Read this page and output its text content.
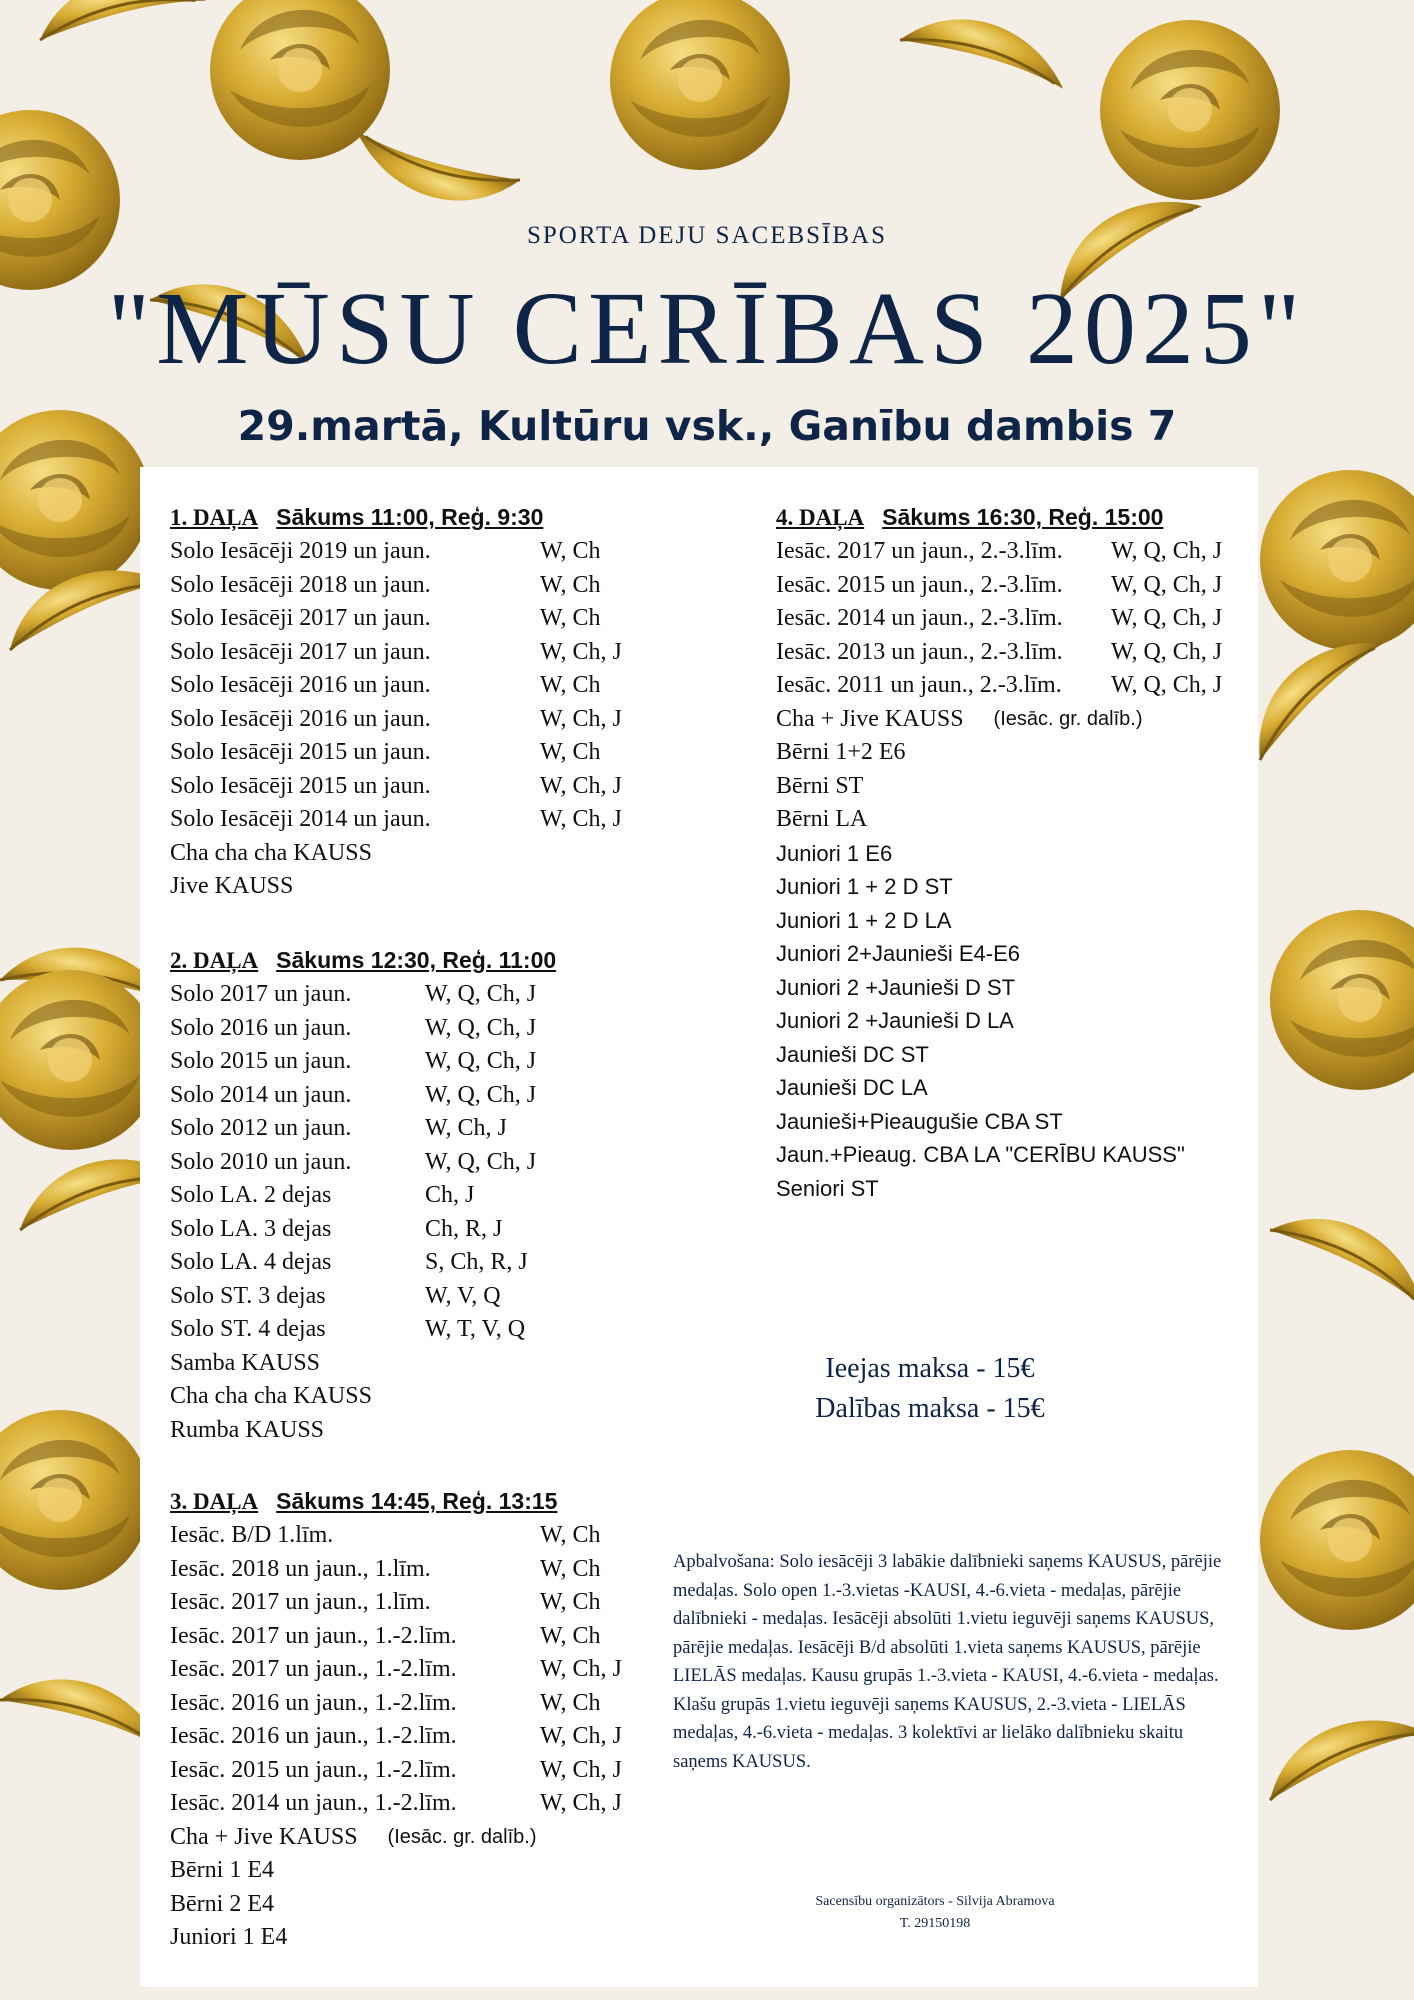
SPORTA DEJU SACEBSĪBAS
"MŪSU CERĪBAS 2025"
29.martā, Kultūru vsk., Ganību dambis 7
1. DAĻA Sākums 11:00, Reģ. 9:30
Solo Iesācēji 2019 un jaun.	W, Ch
Solo Iesācēji 2018 un jaun.	W, Ch
Solo Iesācēji 2017 un jaun.	W, Ch
Solo Iesācēji 2017 un jaun.	W, Ch, J
Solo Iesācēji 2016 un jaun.	W, Ch
Solo Iesācēji 2016 un jaun.	W, Ch, J
Solo Iesācēji 2015 un jaun.	W, Ch
Solo Iesācēji 2015 un jaun.	W, Ch, J
Solo Iesācēji 2014 un jaun.	W, Ch, J
Cha cha cha KAUSS
Jive KAUSS
2. DAĻA Sākums 12:30, Reģ. 11:00
Solo 2017 un jaun.	W, Q, Ch, J
Solo 2016 un jaun.	W, Q, Ch, J
Solo 2015 un jaun.	W, Q, Ch, J
Solo 2014 un jaun.	W, Q, Ch, J
Solo 2012 un jaun.	W, Ch, J
Solo 2010 un jaun.	W, Q, Ch, J
Solo LA. 2 dejas	Ch, J
Solo LA. 3 dejas	Ch, R, J
Solo LA. 4 dejas	S, Ch, R, J
Solo ST. 3 dejas	W, V, Q
Solo ST. 4 dejas	W, T, V, Q
Samba KAUSS
Cha cha cha KAUSS
Rumba KAUSS
3. DAĻA Sākums 14:45, Reģ. 13:15
Iesāc. B/D 1.līm.	W, Ch
Iesāc. 2018 un jaun., 1.līm.	W, Ch
Iesāc. 2017 un jaun., 1.līm.	W, Ch
Iesāc. 2017 un jaun., 1.-2.līm.	W, Ch
Iesāc. 2017 un jaun., 1.-2.līm.	W, Ch, J
Iesāc. 2016 un jaun., 1.-2.līm.	W, Ch
Iesāc. 2016 un jaun., 1.-2.līm.	W, Ch, J
Iesāc. 2015 un jaun., 1.-2.līm.	W, Ch, J
Iesāc. 2014 un jaun., 1.-2.līm.	W, Ch, J
Cha + Jive KAUSS (Iesāc. gr. dalīb.)
Bērni 1 E4
Bērni 2 E4
Juniori 1 E4
4. DAĻA Sākums 16:30, Reģ. 15:00
Iesāc. 2017 un jaun., 2.-3.līm.	W, Q, Ch, J
Iesāc. 2015 un jaun., 2.-3.līm.	W, Q, Ch, J
Iesāc. 2014 un jaun., 2.-3.līm.	W, Q, Ch, J
Iesāc. 2013 un jaun., 2.-3.līm.	W, Q, Ch, J
Iesāc. 2011 un jaun., 2.-3.līm.	W, Q, Ch, J
Cha + Jive KAUSS (Iesāc. gr. dalīb.)
Bērni 1+2 E6
Bērni ST
Bērni LA
Juniori 1 E6
Juniori 1 + 2 D ST
Juniori 1 + 2 D LA
Juniori 2+Jaunieši E4-E6
Juniori 2 +Jaunieši D ST
Juniori 2 +Jaunieši D LA
Jaunieši DC ST
Jaunieši DC LA
Jaunieši+Pieaugušie CBA ST
Jaun.+Pieaug. CBA LA "CERĪBU KAUSS"
Seniori ST
Ieejas maksa - 15€
Dalības maksa - 15€
Apbalvošana: Solo iesācēji 3 labākie dalībnieki saņems KAUSUS, pārējie medaļas. Solo open 1.-3.vietas -KAUSI, 4.-6.vieta - medaļas, pārējie dalībnieki - medaļas. Iesācēji absolūti 1.vietu ieguvēji saņems KAUSUS, pārējie medaļas. Iesācēji B/d absolūti 1.vieta saņems KAUSUS, pārējie LIELĀS medaļas. Kausu grupās 1.-3.vieta - KAUSI, 4.-6.vieta - medaļas. Klašu grupās 1.vietu ieguvēji saņems KAUSUS, 2.-3.vieta - LIELĀS medaļas, 4.-6.vieta - medaļas. 3 kolektīvi ar lielāko dalībnieku skaitu saņems KAUSUS.
Sacensību organizātors - Silvija Abramova
T. 29150198
